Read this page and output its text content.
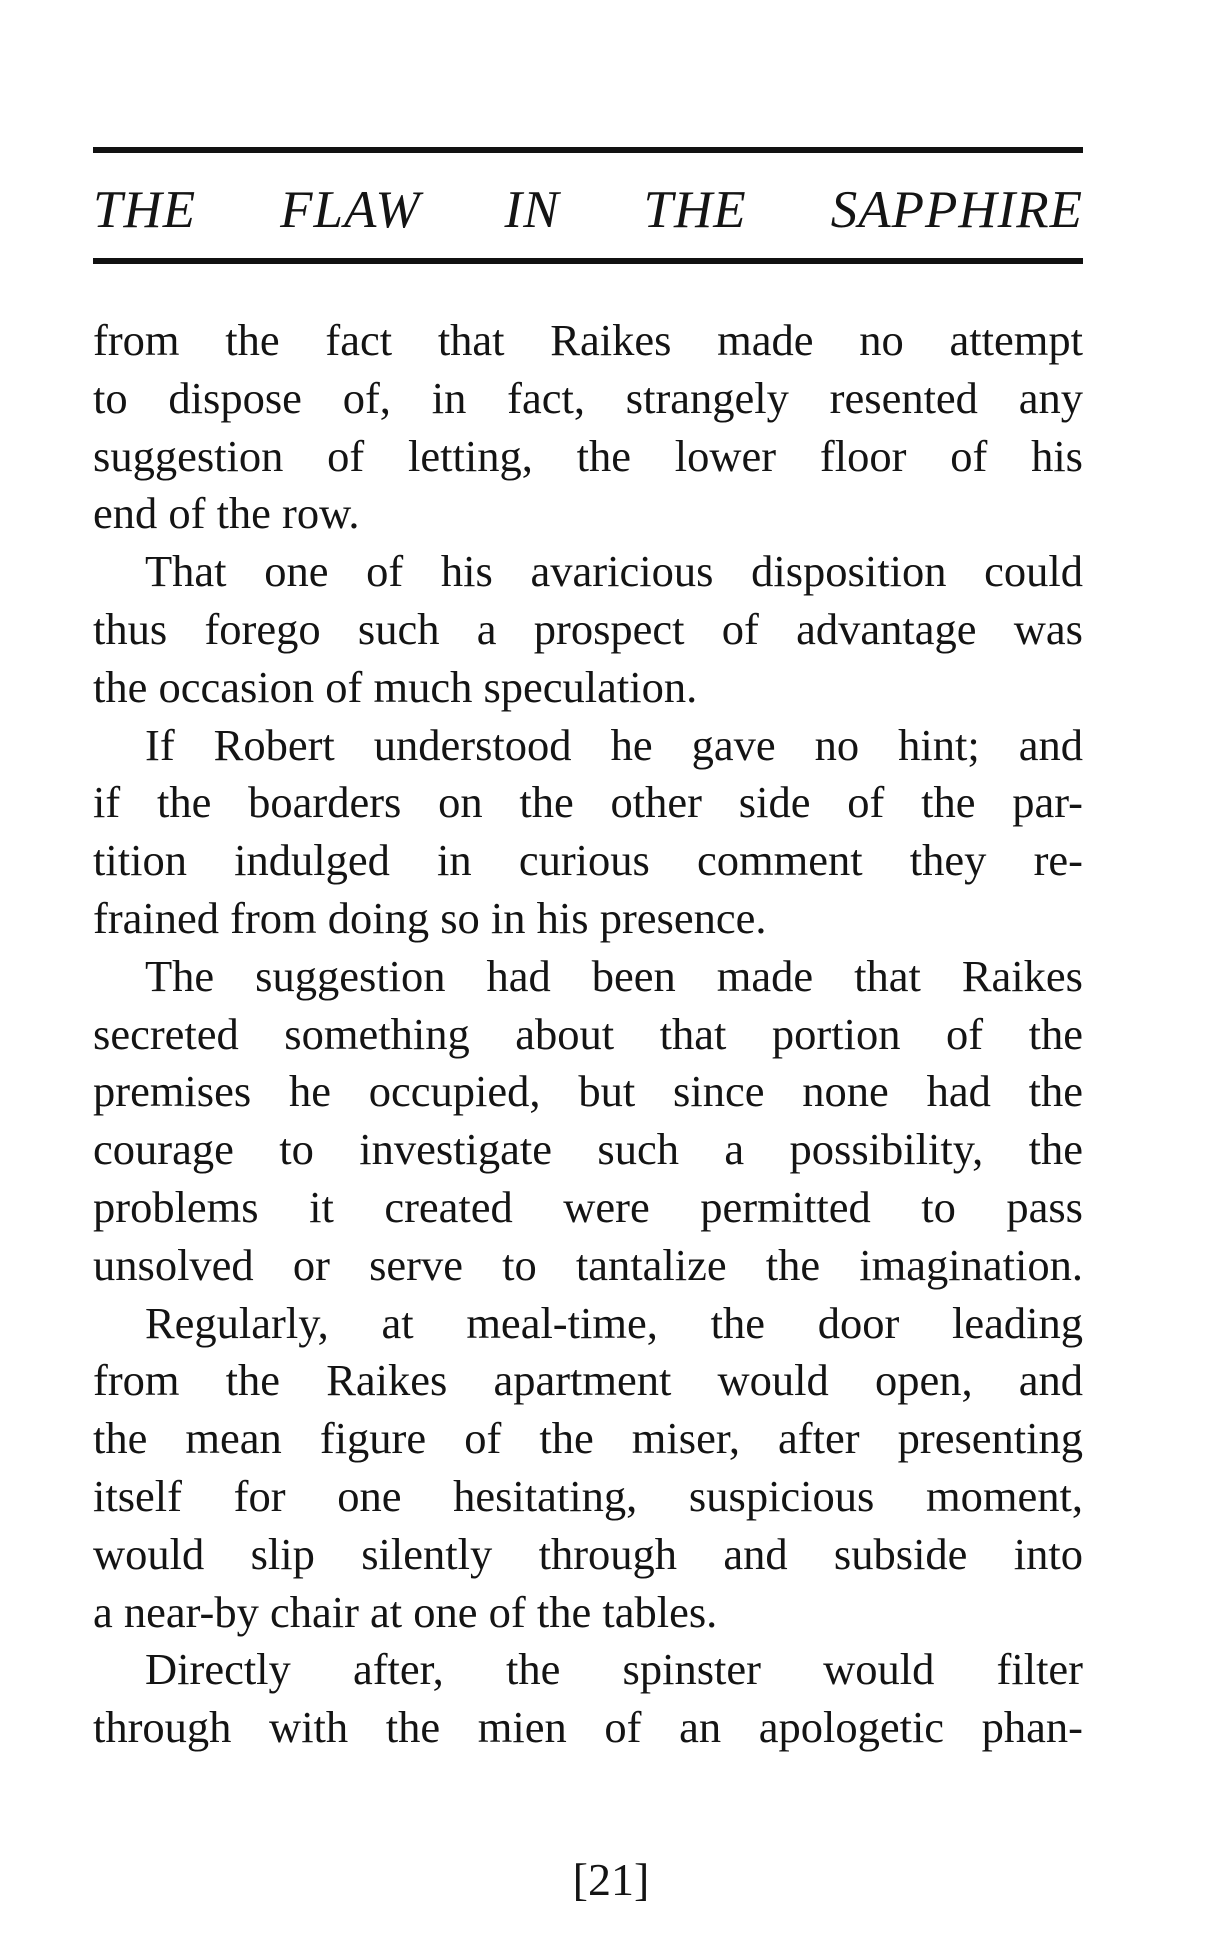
THE FLAW IN THE SAPPHIRE
from the fact that Raikes made no attempt
to dispose of, in fact, strangely resented any
suggestion of letting, the lower floor of his
end of the row.
That one of his avaricious disposition could
thus forego such a prospect of advantage was
the occasion of much speculation.
If Robert understood he gave no hint; and
if the boarders on the other side of the par-
tition indulged in curious comment they re-
frained from doing so in his presence.
The suggestion had been made that Raikes
secreted something about that portion of the
premises he occupied, but since none had the
courage to investigate such a possibility, the
problems it created were permitted to pass
unsolved or serve to tantalize the imagination.
Regularly, at meal-time, the door leading
from the Raikes apartment would open, and
the mean figure of the miser, after presenting
itself for one hesitating, suspicious moment,
would slip silently through and subside into
a near-by chair at one of the tables.
Directly after, the spinster would filter
through with the mien of an apologetic phan-
[21]
